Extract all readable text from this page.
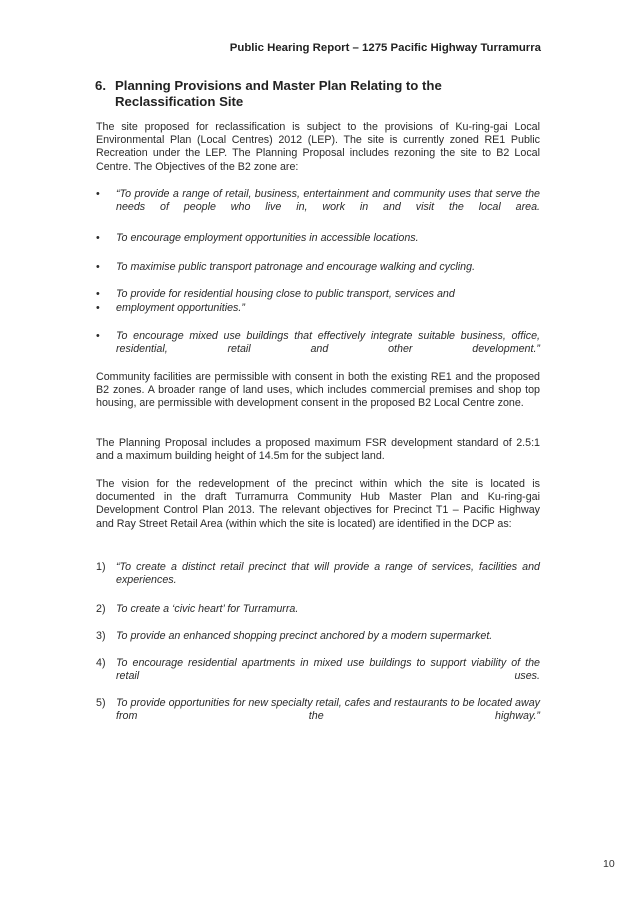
Public Hearing Report – 1275 Pacific Highway Turramurra
6. Planning Provisions and Master Plan Relating to the Reclassification Site
The site proposed for reclassification is subject to the provisions of Ku-ring-gai Local Environmental Plan (Local Centres) 2012 (LEP). The site is currently zoned RE1 Public Recreation under the LEP. The Planning Proposal includes rezoning the site to B2 Local Centre. The Objectives of the B2 zone are:
• “To provide a range of retail, business, entertainment and community uses that serve the needs of people who live in, work in and visit the local area.
• To encourage employment opportunities in accessible locations.
• To maximise public transport patronage and encourage walking and cycling.
• To provide for residential housing close to public transport, services and
• employment opportunities.”
• To encourage mixed use buildings that effectively integrate suitable business, office, residential, retail and other development.”
Community facilities are permissible with consent in both the existing RE1 and the proposed B2 zones. A broader range of land uses, which includes commercial premises and shop top housing, are permissible with development consent in the proposed B2 Local Centre zone.
The Planning Proposal includes a proposed maximum FSR development standard of 2.5:1 and a maximum building height of 14.5m for the subject land.
The vision for the redevelopment of the precinct within which the site is located is documented in the draft Turramurra Community Hub Master Plan and Ku-ring-gai Development Control Plan 2013. The relevant objectives for Precinct T1 – Pacific Highway and Ray Street Retail Area (within which the site is located) are identified in the DCP as:
1) “To create a distinct retail precinct that will provide a range of services, facilities and experiences.
2) To create a ‘civic heart’ for Turramurra.
3) To provide an enhanced shopping precinct anchored by a modern supermarket.
4) To encourage residential apartments in mixed use buildings to support viability of the retail uses.
5) To provide opportunities for new specialty retail, cafes and restaurants to be located away from the highway.”
10
